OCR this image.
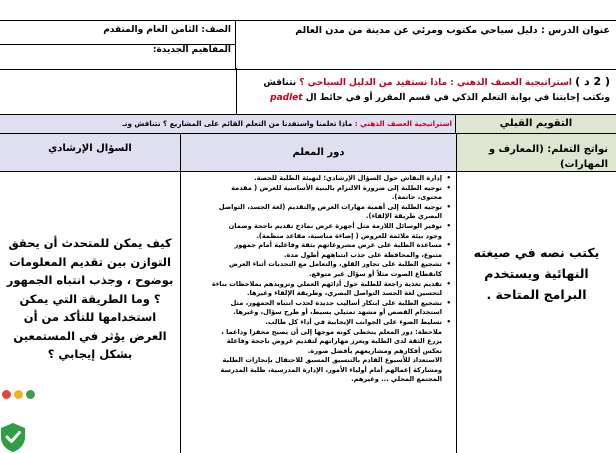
عنوان الدرس : دليل سياحي مكتوب ومرئي عن مدينة من مدن العالم
الصف: الثامن العام والمتقدم
المفاهيم الجديدة:
( 2 د ) استراتيجية العصف الذهني : ماذا نستفيد من الدليل السياحي ؟ نتناقش
ونكتب إجابتنا في بوابة التعلم الذكي في قسم المقرر أو في حائط ال padlet
التقويم القبلي
استراتيجية العصف الذهني : ماذا تعلمنا واستفدنا من التعلم القائم على المشاريع ؟ نتناقش ونـ
نواتج التعلم: (المعارف و المهارات)
دور المعلم
السؤال الإرشادي
يكتب نصه في صيغته النهائية ويستخدم البرامج المتاحة .
• إدارة النقاش حول السؤال الإرشادي؛ لتهيئة الطلبة للحصة.
• توجيه الطلبة إلى ضرورة الالتزام بالبنية الأساسية للعرض ( مقدمة
محتوى، خاتمة).
• توجيه الطلبة إلى أهمية مهارات العرض والتقديم (لغة الجسد، التواصل
البصري طريقة الإلقاء).
• توفير الوسائل اللازمة مثل أجهزة عرض نماذج تقديم ناجحة وضمان
وجود بيئة ملائمة للعروض ( إضاءة مناسبة، مقاعد منظمة).
• مساعدة الطلبة على عرض مشروعاتهم بثقة وفاعلية أمام جمهور
متنوع، والمحافظة على جذب انتباههم أطول مدة.
• تشجيع الطلبة على تجاوز القلق، والتعامل مع التحديات أثناء العرض
كانقطاع الصوت مثلاً أو سؤال غير متوقع.
• تقديم تغذية راجعة للطلبة حول أدائهم العملي وتزويدهم بملاحظات بناءة
لتحسين لغة الجسد التواصل البصري، وطريقة الإلقاء وغيرها.
• تشجيع الطلبة على ابتكار أساليب جديدة لجذب انتباه الجمهور، مثل
استخدام القصص أو مشهد تمثيلي بسيط، أو طرح سؤال، وغيرها.
• تسليط الضوء على الجوانب الإيجابية في أداء كل طالب.
ملاحظة: دور المعلم يتخطى كونه موجها إلى أن يصبح محفزا وداعما ،
يزرع الثقة لدى الطلبة ويعزز مهاراتهم لتقديم عروض ناجحة وفاعلة
تعكس أفكارهم ومشاريعهم بأفضل صورة.
الاستعداد للأسبوع القادم بالتنسيق المسبق للاحتفال بإنجازات الطلبة
ومشاركة إعمالهم أمام أولياء الأمور، الإدارة المدرسية، طلبة المدرسة
المجتمع المحلي ... وغيرهم.
كيف يمكن للمتحدث أن يحقق التوازن بين تقديم المعلومات بوضوح ، وجذب انتباه الجمهور ؟ وما الطريقة التي يمكن استخدامها للتأكد من أن العرض يؤثر في المستمعين بشكل إيجابي ؟
